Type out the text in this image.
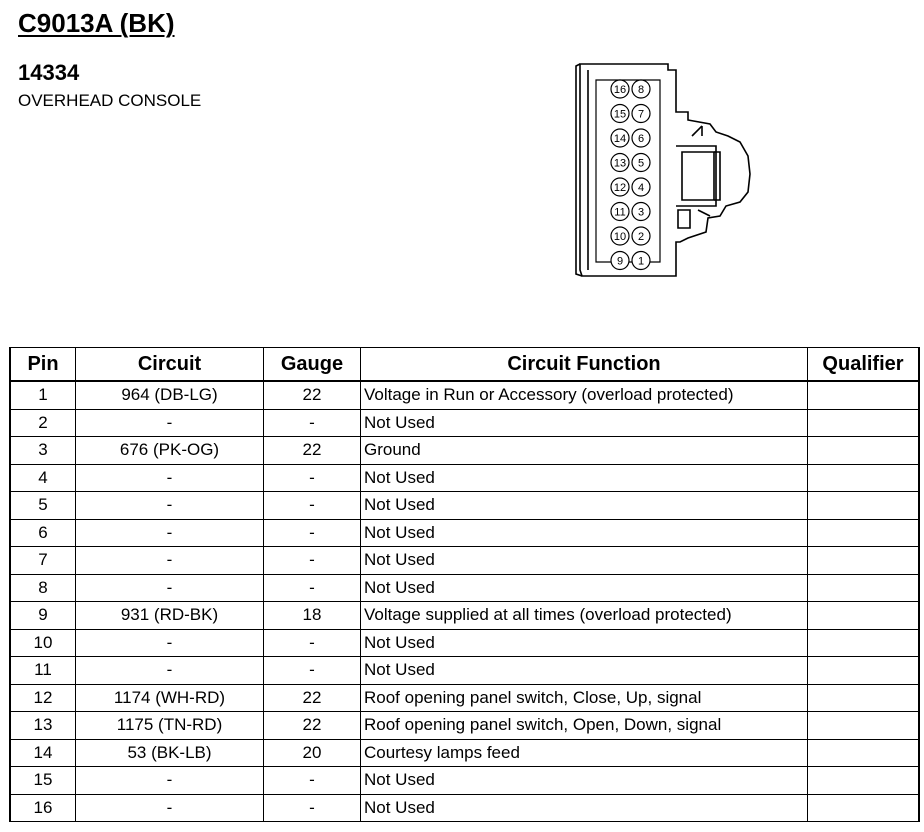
C9013A (BK)
14334
OVERHEAD CONSOLE
16
15
14
13
12
11
10
9
8
7
6
5
4
3
2
1
Pin	Circuit	Gauge	Circuit Function	Qualifier
1	964 (DB-LG)	22	Voltage in Run or Accessory (overload protected)	
2	-	-	Not Used	
3	676 (PK-OG)	22	Ground	
4	-	-	Not Used	
5	-	-	Not Used	
6	-	-	Not Used	
7	-	-	Not Used	
8	-	-	Not Used	
9	931 (RD-BK)	18	Voltage supplied at all times (overload protected)	
10	-	-	Not Used	
11	-	-	Not Used	
12	1174 (WH-RD)	22	Roof opening panel switch, Close, Up, signal	
13	1175 (TN-RD)	22	Roof opening panel switch, Open, Down, signal	
14	53 (BK-LB)	20	Courtesy lamps feed	
15	-	-	Not Used	
16	-	-	Not Used	
